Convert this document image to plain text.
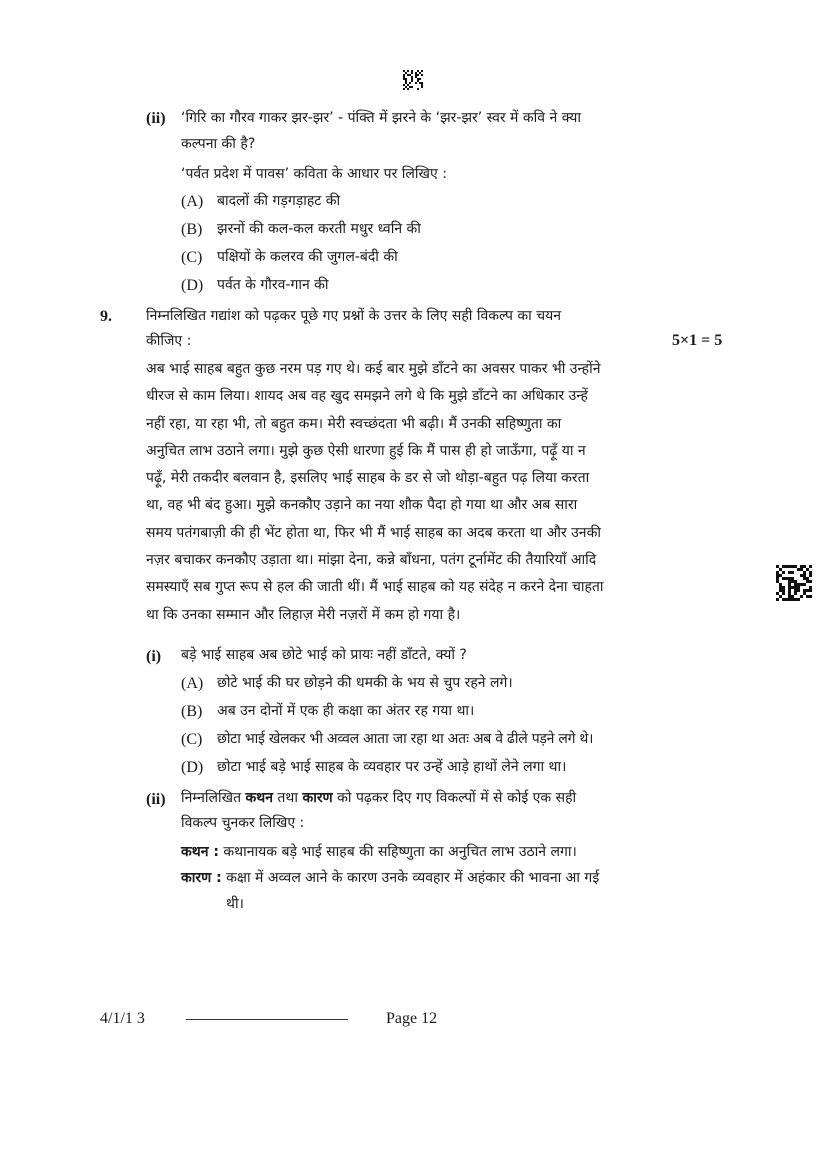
(ii) ‘गिरि का गौरव गाकर झर-झर’ - पंक्ति में झरने के ‘झर-झर’ स्वर में कवि ने क्या
कल्पना की है?
‘पर्वत प्रदेश में पावस’ कविता के आधार पर लिखिए :
(A) बादलों की गड़गड़ाहट की
(B) झरनों की कल-कल करती मधुर ध्वनि की
(C) पक्षियों के कलरव की जुगल-बंदी की
(D) पर्वत के गौरव-गान की
9. निम्नलिखित गद्यांश को पढ़कर पूछे गए प्रश्नों के उत्तर के लिए सही विकल्प का चयन
कीजिए :	5×1 = 5
अब भाई साहब बहुत कुछ नरम पड़ गए थे। कई बार मुझे डाँटने का अवसर पाकर भी उन्होंने
धीरज से काम लिया। शायद अब वह खुद समझने लगे थे कि मुझे डाँटने का अधिकार उन्हें
नहीं रहा, या रहा भी, तो बहुत कम। मेरी स्वच्छंदता भी बढ़ी। मैं उनकी सहिष्णुता का
अनुचित लाभ उठाने लगा। मुझे कुछ ऐसी धारणा हुई कि मैं पास ही हो जाऊँगा, पढ़ूँ या न
पढ़ूँ, मेरी तकदीर बलवान है, इसलिए भाई साहब के डर से जो थोड़ा-बहुत पढ़ लिया करता
था, वह भी बंद हुआ। मुझे कनकौए उड़ाने का नया शौक पैदा हो गया था और अब सारा
समय पतंगबाज़ी की ही भेंट होता था, फिर भी मैं भाई साहब का अदब करता था और उनकी
नज़र बचाकर कनकौए उड़ाता था। मांझा देना, कन्ने बाँधना, पतंग टूर्नामेंट की तैयारियाँ आदि
समस्याएँ सब गुप्त रूप से हल की जाती थीं। मैं भाई साहब को यह संदेह न करने देना चाहता
था कि उनका सम्मान और लिहाज़ मेरी नज़रों में कम हो गया है।
(i) बड़े भाई साहब अब छोटे भाई को प्रायः नहीं डाँटते, क्यों ?
(A) छोटे भाई की घर छोड़ने की धमकी के भय से चुप रहने लगे।
(B) अब उन दोनों में एक ही कक्षा का अंतर रह गया था।
(C) छोटा भाई खेलकर भी अव्वल आता जा रहा था अतः अब वे ढीले पड़ने लगे थे।
(D) छोटा भाई बड़े भाई साहब के व्यवहार पर उन्हें आड़े हाथों लेने लगा था।
(ii) निम्नलिखित कथन तथा कारण को पढ़कर दिए गए विकल्पों में से कोई एक सही
विकल्प चुनकर लिखिए :
कथन : कथानायक बड़े भाई साहब की सहिष्णुता का अनुचित लाभ उठाने लगा।
कारण : कक्षा में अव्वल आने के कारण उनके व्यवहार में अहंकार की भावना आ गई
थी।
4/1/1 3	Page 12
